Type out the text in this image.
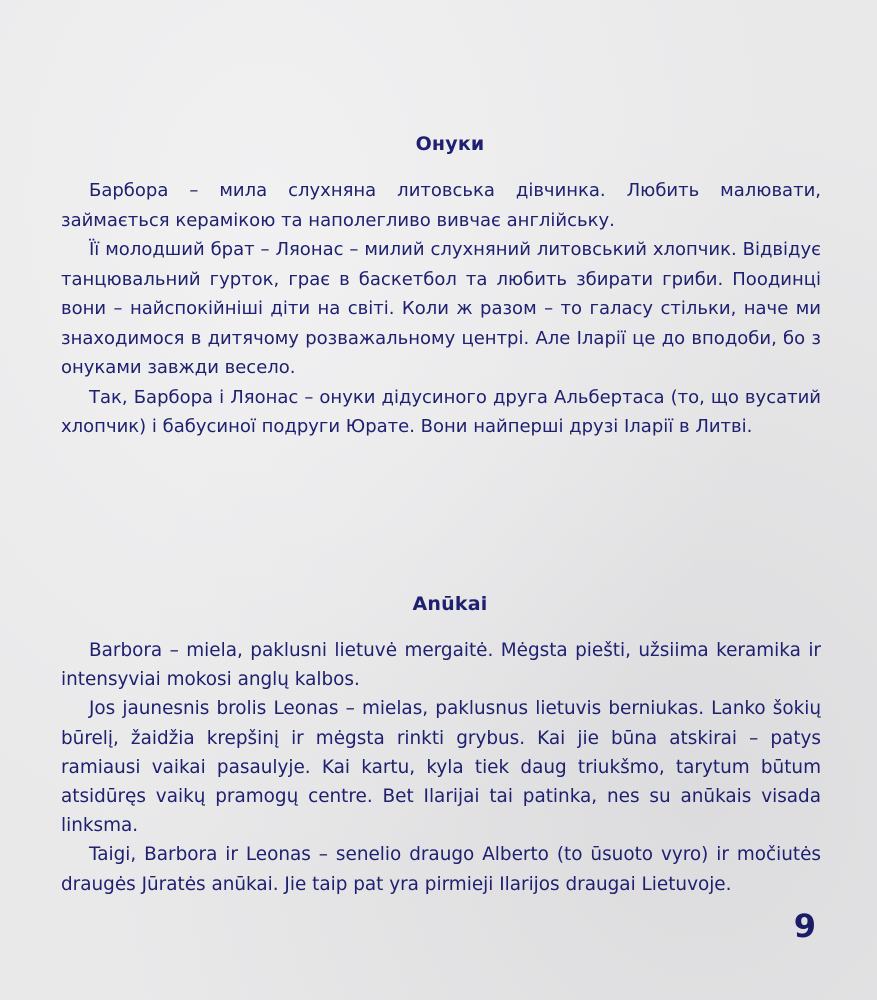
Онуки

Барбора – мила слухняна литовська дівчинка. Любить малювати, займається керамікою та наполегливо вивчає англійську.

Її молодший брат – Ляонас – милий слухняний литовський хлопчик. Відвідує танцювальний гурток, грає в баскетбол та любить збирати гриби. Поодинці вони – найспокійніші діти на світі. Коли ж разом – то галасу стільки, наче ми знаходимося в дитячому розважальному центрі. Але Іларії це до вподоби, бо з онуками завжди весело.

Так, Барбора і Ляонас – онуки дідусиного друга Альбертаса (то, що вусатий хлопчик) і бабусиної подруги Юрате. Вони найперші друзі Іларії в Литві.

Anūkai

Barbora – miela, paklusni lietuvė mergaitė. Mėgsta piešti, užsiima keramika ir intensyviai mokosi anglų kalbos.

Jos jaunesnis brolis Leonas – mielas, paklusnus lietuvis berniukas. Lanko šokių būrelį, žaidžia krepšinį ir mėgsta rinkti grybus. Kai jie būna atskirai – patys ramiausi vaikai pasaulyje. Kai kartu, kyla tiek daug triukšmo, tarytum būtum atsidūręs vaikų pramogų centre. Bet Ilarijai tai patinka, nes su anūkais visada linksma.

Taigi, Barbora ir Leonas – senelio draugo Alberto (to ūsuoto vyro) ir močiutės draugės Jūratės anūkai. Jie taip pat yra pirmieji Ilarijos draugai Lietuvoje.

9
